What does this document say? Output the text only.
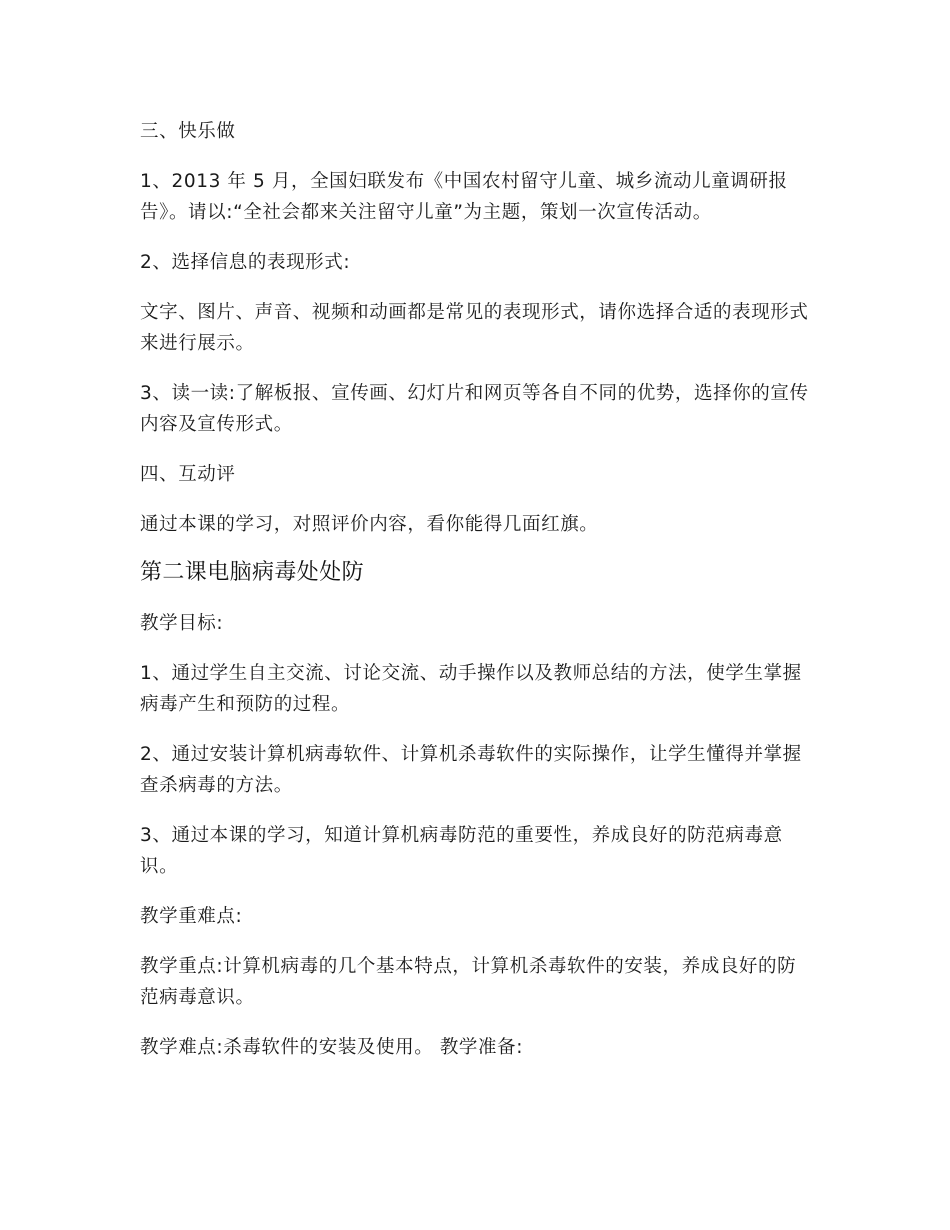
三、快乐做

1、2013 年 5 月，全国妇联发布《中国农村留守儿童、城乡流动儿童调研报告》。请以:“全社会都来关注留守儿童”为主题，策划一次宣传活动。

2、选择信息的表现形式:

文字、图片、声音、视频和动画都是常见的表现形式，请你选择合适的表现形式来进行展示。

3、读一读:了解板报、宣传画、幻灯片和网页等各自不同的优势，选择你的宣传内容及宣传形式。

四、互动评

通过本课的学习，对照评价内容，看你能得几面红旗。

第二课电脑病毒处处防

教学目标:

1、通过学生自主交流、讨论交流、动手操作以及教师总结的方法，使学生掌握病毒产生和预防的过程。

2、通过安装计算机病毒软件、计算机杀毒软件的实际操作，让学生懂得并掌握查杀病毒的方法。

3、通过本课的学习，知道计算机病毒防范的重要性，养成良好的防范病毒意识。

教学重难点:

教学重点:计算机病毒的几个基本特点，计算机杀毒软件的安装，养成良好的防范病毒意识。

教学难点:杀毒软件的安装及使用。 教学准备:
